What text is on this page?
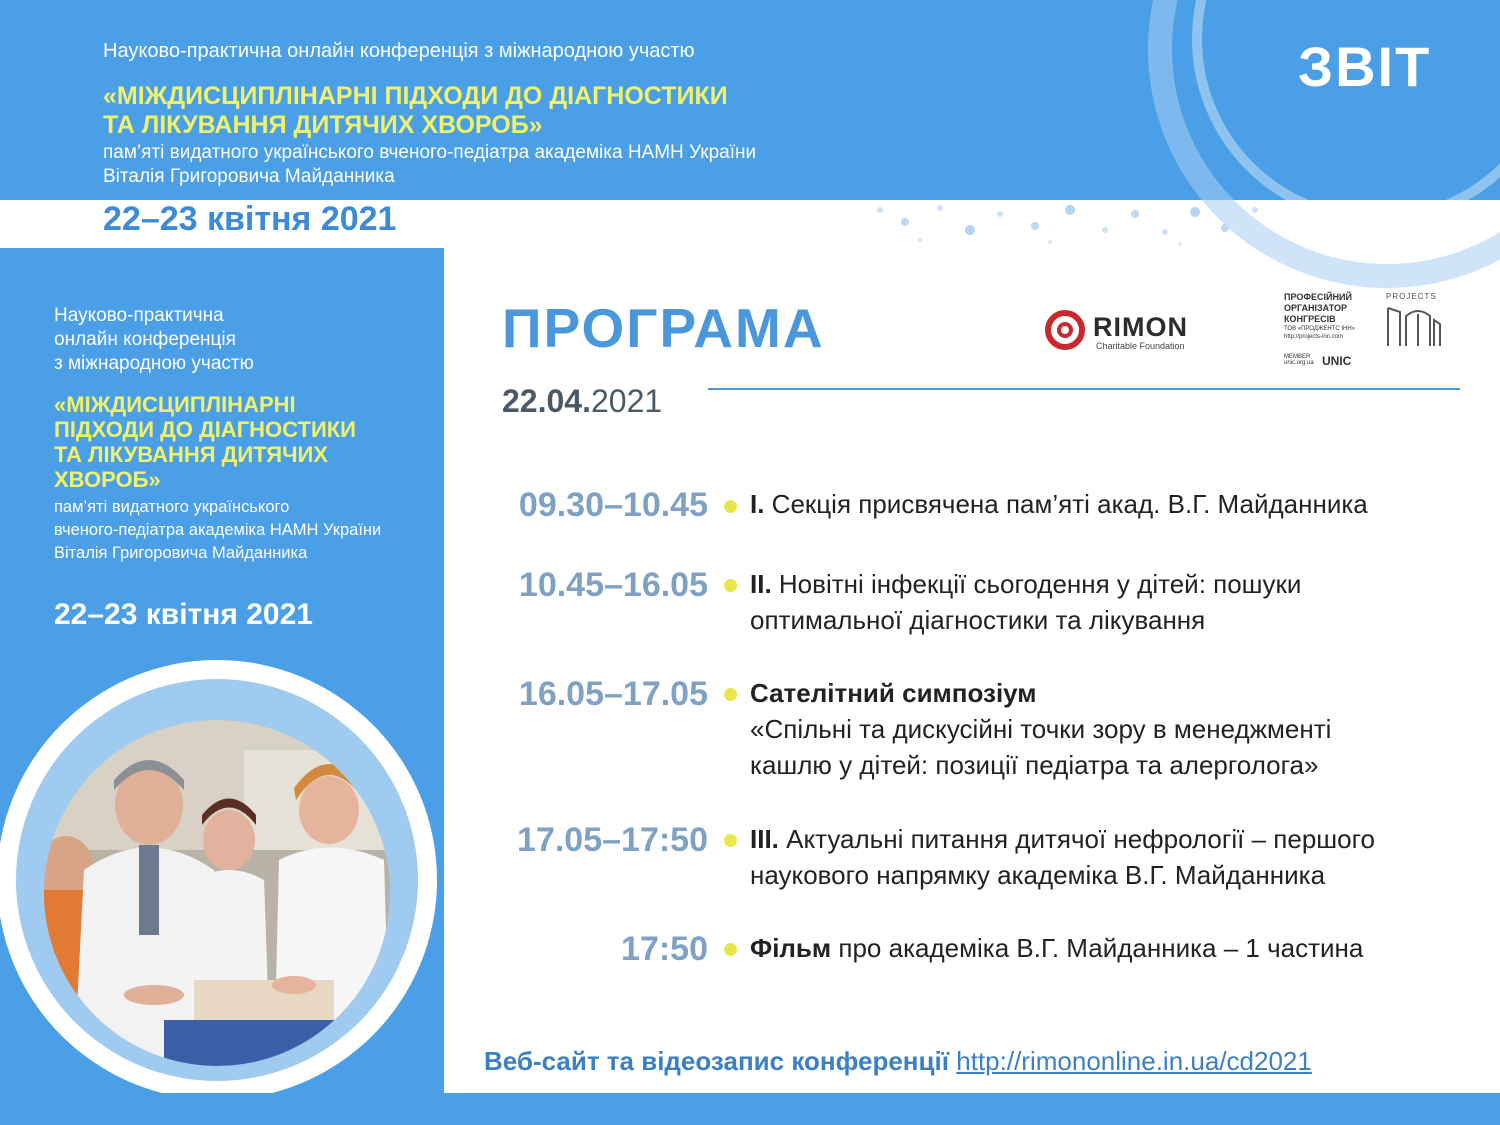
Науково-практична онлайн конференція з міжнародною участю
«МІЖДИСЦИПЛІНАРНІ ПІДХОДИ ДО ДІАГНОСТИКИ
ТА ЛІКУВАННЯ ДИТЯЧИХ ХВОРОБ»
пам’яті видатного українського вченого-педіатра академіка НАМН України
Віталія Григоровича Майданника
ЗВІТ
22–23 квітня 2021
Науково-практична
онлайн конференція
з міжнародною участю
«МІЖДИСЦИПЛІНАРНІ
ПІДХОДИ ДО ДІАГНОСТИКИ
ТА ЛІКУВАННЯ ДИТЯЧИХ
ХВОРОБ»
пам’яті видатного українського
вченого-педіатра академіка НАМН України
Віталія Григоровича Майданника
22–23 квітня 2021
ПРОГРАМА
22.04.2021
RIMON
Charitable Foundation
ПРОФЕСІЙНИЙ
ОРГАНІЗАТОР
КОНГРЕСІВ
ТОВ «ПРОДЖЕНТС ІНН»
http://projects-inn.com
MEMBER
unic.org.ua UNIC
PROJECTS
09.30–10.45 I. Секція присвячена пам’яті акад. В.Г. Майданника
10.45–16.05 II. Новітні інфекції сьогодення у дітей: пошуки
оптимальної діагностики та лікування
16.05–17.05 Сателітний симпозіум
«Спільні та дискусійні точки зору в менеджменті
кашлю у дітей: позиції педіатра та алерголога»
17.05–17:50 III. Актуальні питання дитячої нефрології – першого
наукового напрямку академіка В.Г. Майданника
17:50 Фільм про академіка В.Г. Майданника – 1 частина
Веб-сайт та відеозапис конференції http://rimononline.in.ua/cd2021
